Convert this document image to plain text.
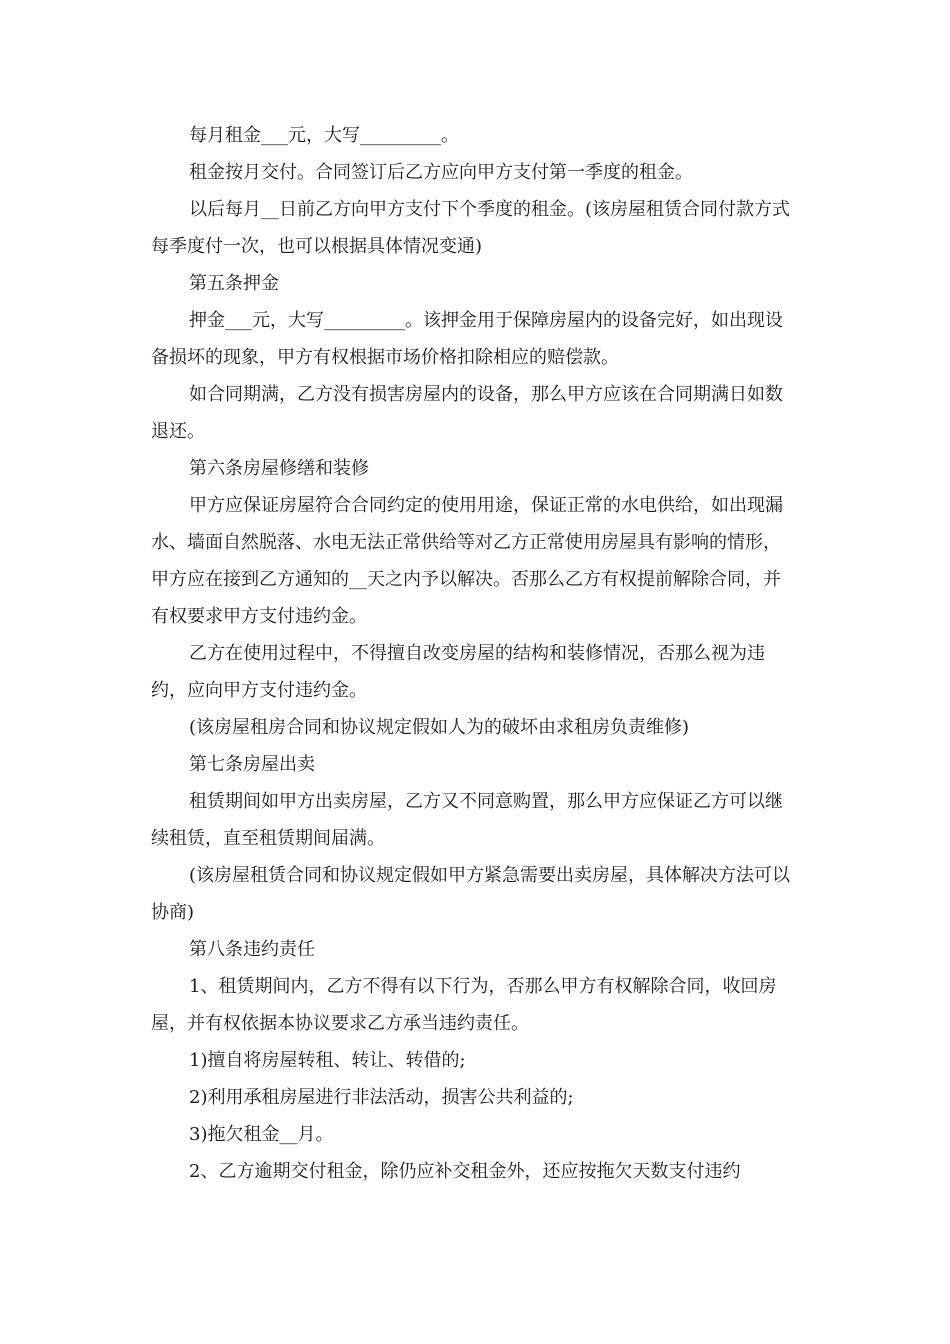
每月租金___元，大写_________。

租金按月交付。合同签订后乙方应向甲方支付第一季度的租金。

以后每月__日前乙方向甲方支付下个季度的租金。(该房屋租赁合同付款方式每季度付一次，也可以根据具体情况变通)

第五条押金

押金___元，大写_________。该押金用于保障房屋内的设备完好，如出现设备损坏的现象，甲方有权根据市场价格扣除相应的赔偿款。

如合同期满，乙方没有损害房屋内的设备，那么甲方应该在合同期满日如数退还。

第六条房屋修缮和装修

甲方应保证房屋符合合同约定的使用用途，保证正常的水电供给，如出现漏水、墙面自然脱落、水电无法正常供给等对乙方正常使用房屋具有影响的情形，甲方应在接到乙方通知的__天之内予以解决。否那么乙方有权提前解除合同，并有权要求甲方支付违约金。

乙方在使用过程中，不得擅自改变房屋的结构和装修情况，否那么视为违约，应向甲方支付违约金。

(该房屋租房合同和协议规定假如人为的破坏由求租房负责维修)

第七条房屋出卖

租赁期间如甲方出卖房屋，乙方又不同意购置，那么甲方应保证乙方可以继续租赁，直至租赁期间届满。

(该房屋租赁合同和协议规定假如甲方紧急需要出卖房屋，具体解决方法可以协商)

第八条违约责任

1、租赁期间内，乙方不得有以下行为，否那么甲方有权解除合同，收回房屋，并有权依据本协议要求乙方承当违约责任。

1)擅自将房屋转租、转让、转借的;

2)利用承租房屋进行非法活动，损害公共利益的;

3)拖欠租金__月。

2、乙方逾期交付租金，除仍应补交租金外，还应按拖欠天数支付违约
